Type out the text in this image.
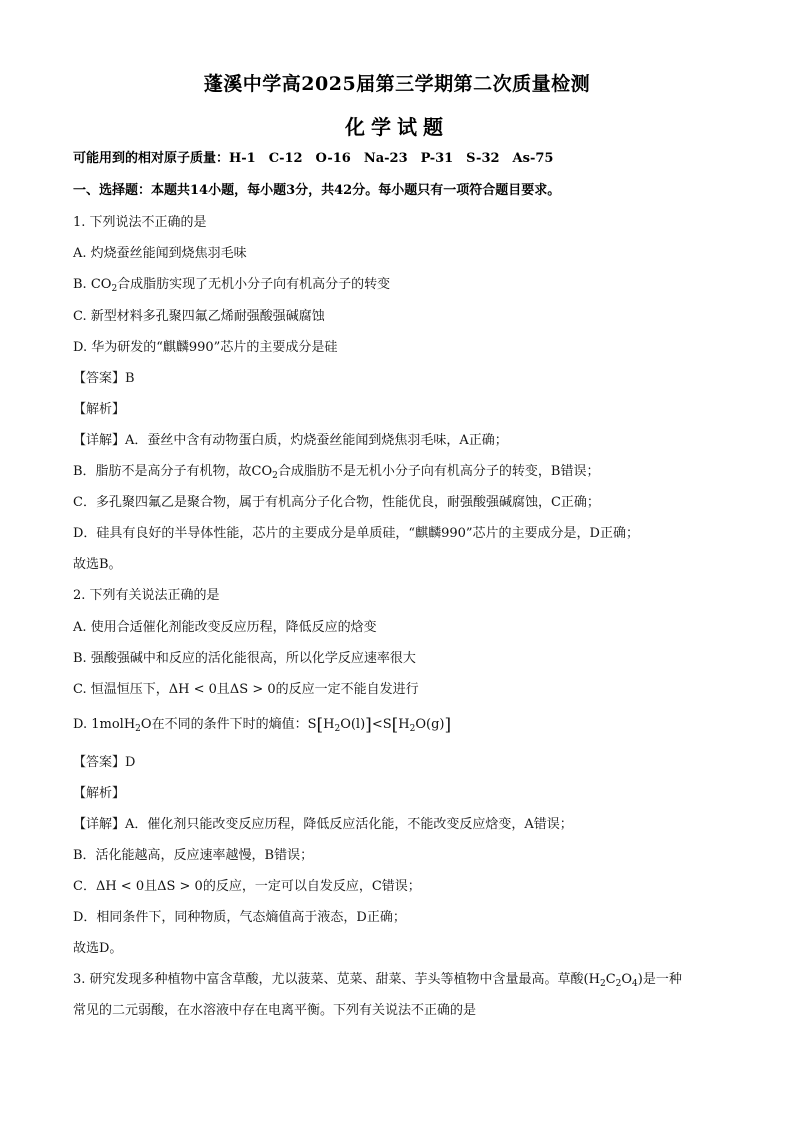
蓬溪中学高2025届第三学期第二次质量检测
化学试题
可能用到的相对原子质量：H-1　C-12　O-16　Na-23　P-31　S-32　As-75
一、选择题：本题共14小题，每小题3分，共42分。每小题只有一项符合题目要求。
1. 下列说法不正确的是
A. 灼烧蚕丝能闻到烧焦羽毛味
B. $CO_2$合成脂肪实现了无机小分子向有机高分子的转变
C. 新型材料多孔聚四氟乙烯耐强酸强碱腐蚀
D. 华为研发的“麒麟990”芯片的主要成分是硅
【答案】B
【解析】
【详解】A．蚕丝中含有动物蛋白质，灼烧蚕丝能闻到烧焦羽毛味，A正确；
B．脂肪不是高分子有机物，故$CO_2$合成脂肪不是无机小分子向有机高分子的转变，B错误；
C．多孔聚四氟乙是聚合物，属于有机高分子化合物，性能优良，耐强酸强碱腐蚀，C正确；
D．硅具有良好的半导体性能，芯片的主要成分是单质硅，“麒麟990”芯片的主要成分是，D正确；
故选B。
2. 下列有关说法正确的是
A. 使用合适催化剂能改变反应历程，降低反应的焓变
B. 强酸强碱中和反应的活化能很高，所以化学反应速率很大
C. 恒温恒压下，ΔH < 0且ΔS > 0的反应一定不能自发进行
D. 1molH$_2$O在不同的条件下时的熵值：$S[H_2O(l)]<S[H_2O(g)]$
【答案】D
【解析】
【详解】A．催化剂只能改变反应历程，降低反应活化能，不能改变反应焓变，A错误；
B．活化能越高，反应速率越慢，B错误；
C．ΔH < 0且ΔS > 0的反应，一定可以自发反应，C错误；
D．相同条件下，同种物质，气态熵值高于液态，D正确；
故选D。
3. 研究发现多种植物中富含草酸，尤以菠菜、苋菜、甜菜、芋头等植物中含量最高。草酸$(H_2C_2O_4)$是一种
常见的二元弱酸，在水溶液中存在电离平衡。下列有关说法不正确的是
